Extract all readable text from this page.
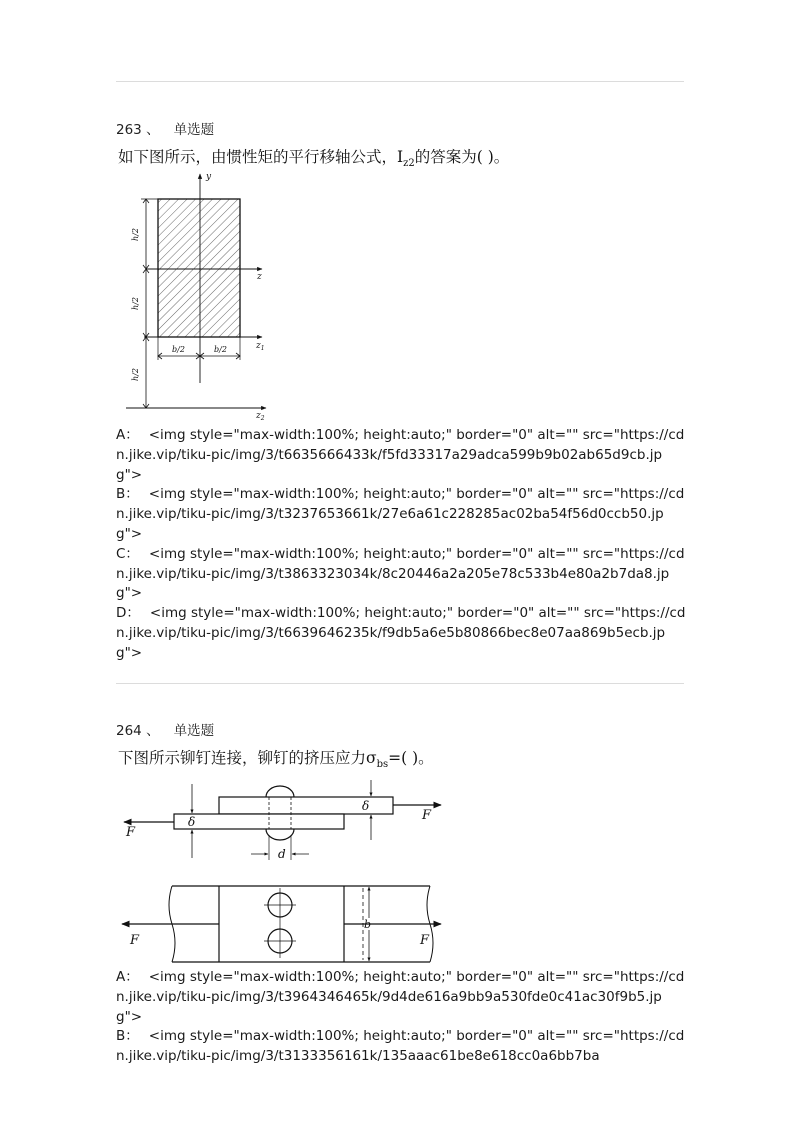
263 、 单选题
如下图所示，由惯性矩的平行移轴公式，$I_{z2}$的答案为( )。
y
z
$z_1$
$z_2$
h/2
h/2
h/2
b/2	b/2
A： <img style="max-width:100%; height:auto;" border="0" alt="" src="https://cdn.jike.vip/tiku-pic/img/3/t6635666433k/f5fd33317a29adca599b9b02ab65d9cb.jpg">
B： <img style="max-width:100%; height:auto;" border="0" alt="" src="https://cdn.jike.vip/tiku-pic/img/3/t3237653661k/27e6a61c228285ac02ba54f56d0ccb50.jpg">
C： <img style="max-width:100%; height:auto;" border="0" alt="" src="https://cdn.jike.vip/tiku-pic/img/3/t3863323034k/8c20446a2a205e78c533b4e80a2b7da8.jpg">
D： <img style="max-width:100%; height:auto;" border="0" alt="" src="https://cdn.jike.vip/tiku-pic/img/3/t6639646235k/f9db5a6e5b80866bec8e07aa869b5ecb.jpg">
264 、 单选题
下图所示铆钉连接，铆钉的挤压应力$\sigma_{bs}=$( )。
F
F
δ
δ
d
b
F	F
A： <img style="max-width:100%; height:auto;" border="0" alt="" src="https://cdn.jike.vip/tiku-pic/img/3/t3964346465k/9d4de616a9bb9a530fde0c41ac30f9b5.jpg">
B： <img style="max-width:100%; height:auto;" border="0" alt="" src="https://cdn.jike.vip/tiku-pic/img/3/t3133356161k/135aaac61be8e618cc0a6bb7ba
